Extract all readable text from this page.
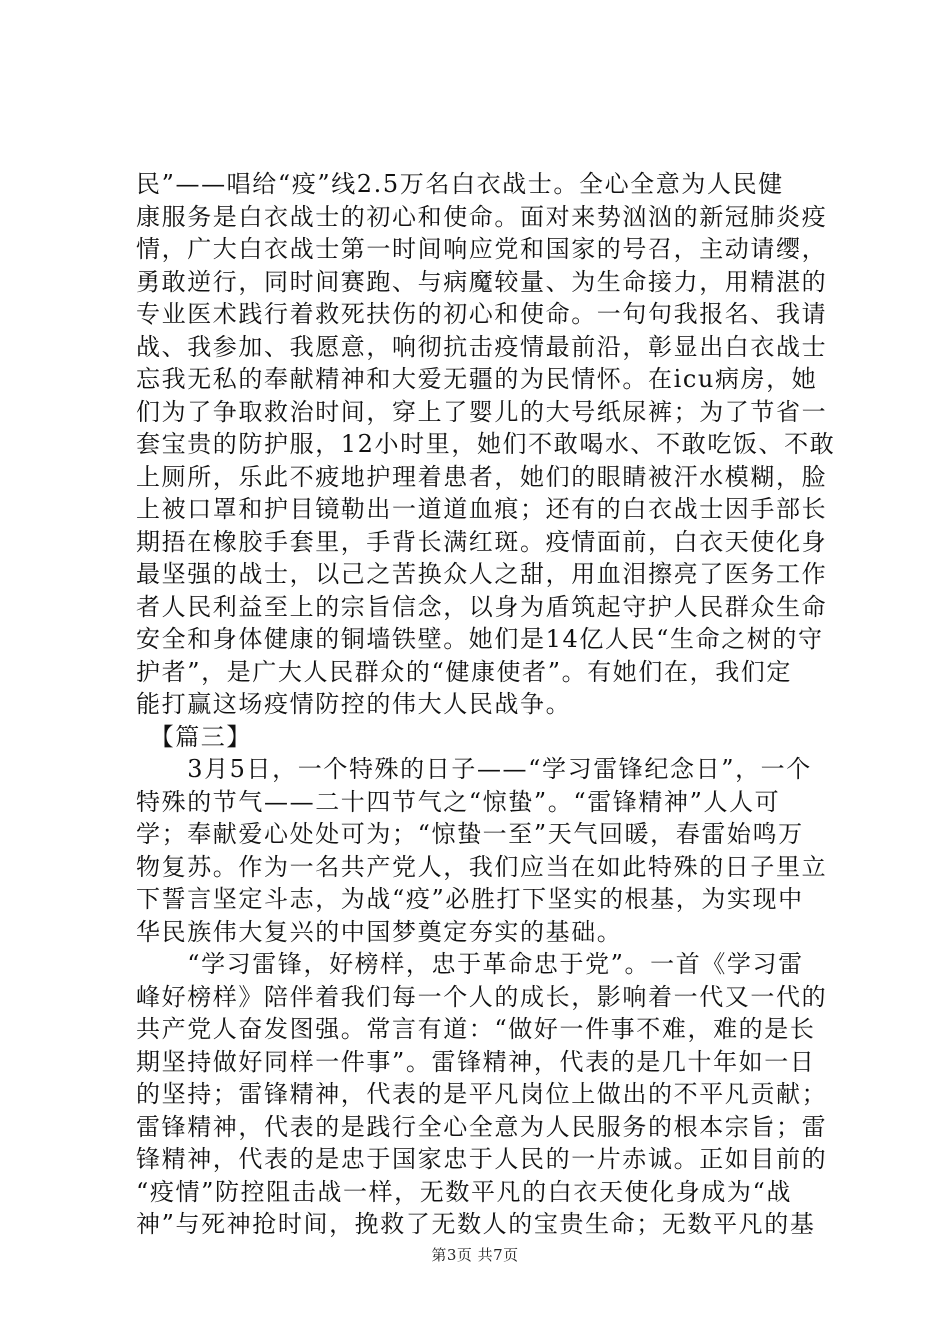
民”——唱给“疫”线2.5万名白衣战士。全心全意为人民健
康服务是白衣战士的初心和使命。面对来势汹汹的新冠肺炎疫
情，广大白衣战士第一时间响应党和国家的号召，主动请缨，
勇敢逆行，同时间赛跑、与病魔较量、为生命接力，用精湛的
专业医术践行着救死扶伤的初心和使命。一句句我报名、我请
战、我参加、我愿意，响彻抗击疫情最前沿，彰显出白衣战士
忘我无私的奉献精神和大爱无疆的为民情怀。在icu病房，她
们为了争取救治时间，穿上了婴儿的大号纸尿裤；为了节省一
套宝贵的防护服，12小时里，她们不敢喝水、不敢吃饭、不敢
上厕所，乐此不疲地护理着患者，她们的眼睛被汗水模糊，脸
上被口罩和护目镜勒出一道道血痕；还有的白衣战士因手部长
期捂在橡胶手套里，手背长满红斑。疫情面前，白衣天使化身
最坚强的战士，以己之苦换众人之甜，用血泪擦亮了医务工作
者人民利益至上的宗旨信念，以身为盾筑起守护人民群众生命
安全和身体健康的铜墙铁壁。她们是14亿人民“生命之树的守
护者”，是广大人民群众的“健康使者”。有她们在，我们定
能打赢这场疫情防控的伟大人民战争。
　【篇三】
　　3月5日，一个特殊的日子——“学习雷锋纪念日”，一个
特殊的节气——二十四节气之“惊蛰”。“雷锋精神”人人可
学；奉献爱心处处可为；“惊蛰一至”天气回暖，春雷始鸣万
物复苏。作为一名共产党人，我们应当在如此特殊的日子里立
下誓言坚定斗志，为战“疫”必胜打下坚实的根基，为实现中
华民族伟大复兴的中国梦奠定夯实的基础。
　　“学习雷锋，好榜样，忠于革命忠于党”。一首《学习雷
峰好榜样》陪伴着我们每一个人的成长，影响着一代又一代的
共产党人奋发图强。常言有道：“做好一件事不难，难的是长
期坚持做好同样一件事”。雷锋精神，代表的是几十年如一日
的坚持；雷锋精神，代表的是平凡岗位上做出的不平凡贡献；
雷锋精神，代表的是践行全心全意为人民服务的根本宗旨；雷
锋精神，代表的是忠于国家忠于人民的一片赤诚。正如目前的
“疫情”防控阻击战一样，无数平凡的白衣天使化身成为“战
神”与死神抢时间，挽救了无数人的宝贵生命；无数平凡的基
第3页 共7页
